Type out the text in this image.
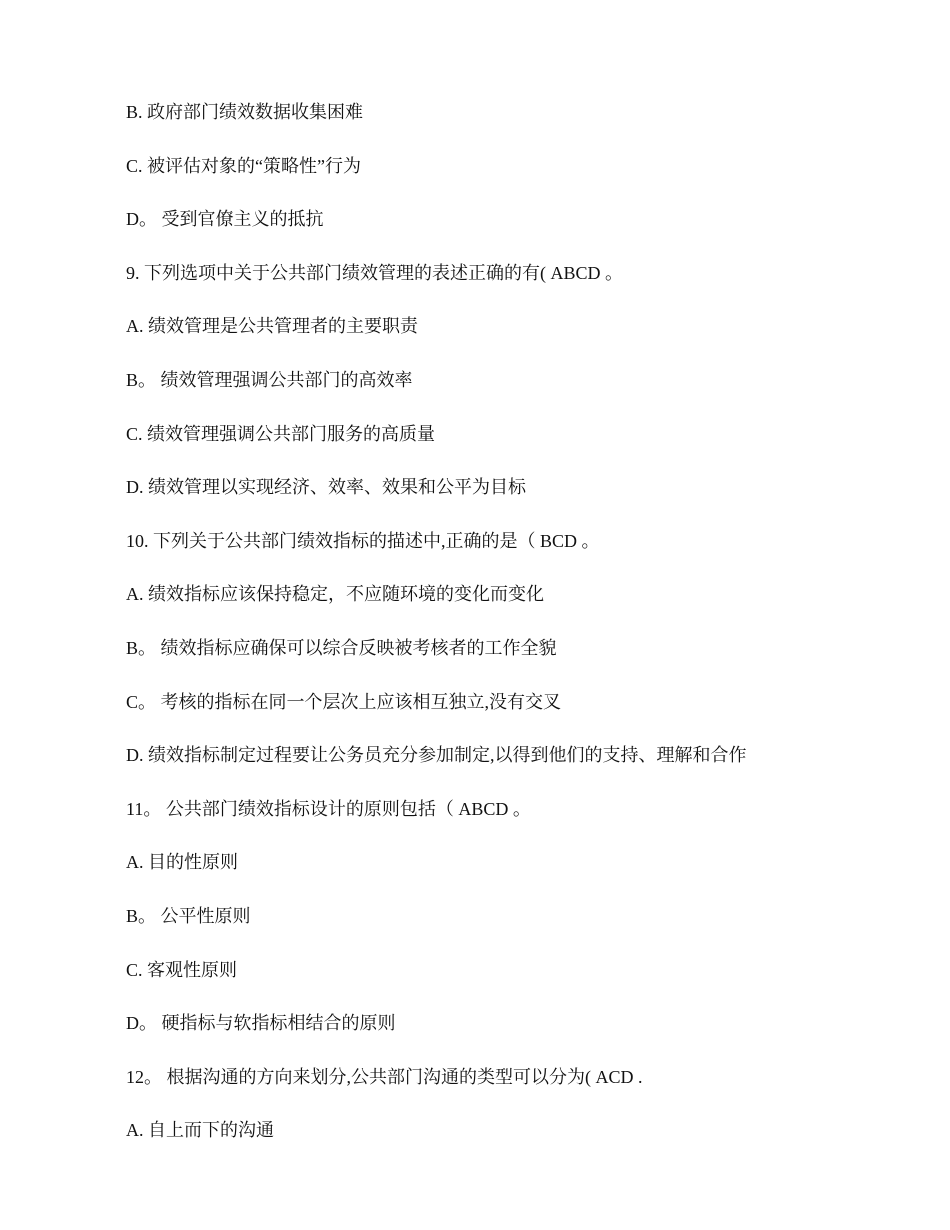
B. 政府部门绩效数据收集困难
C. 被评估对象的“策略性”行为
D。 受到官僚主义的抵抗
9. 下列选项中关于公共部门绩效管理的表述正确的有( ABCD 。
A. 绩效管理是公共管理者的主要职责
B。 绩效管理强调公共部门的高效率
C. 绩效管理强调公共部门服务的高质量
D. 绩效管理以实现经济、效率、效果和公平为目标
10. 下列关于公共部门绩效指标的描述中,正确的是（ BCD 。
A. 绩效指标应该保持稳定，不应随环境的变化而变化
B。 绩效指标应确保可以综合反映被考核者的工作全貌
C。 考核的指标在同一个层次上应该相互独立,没有交叉
D. 绩效指标制定过程要让公务员充分参加制定,以得到他们的支持、理解和合作
11。 公共部门绩效指标设计的原则包括（ ABCD 。
A. 目的性原则
B。 公平性原则
C. 客观性原则
D。 硬指标与软指标相结合的原则
12。 根据沟通的方向来划分,公共部门沟通的类型可以分为( ACD .
A. 自上而下的沟通
